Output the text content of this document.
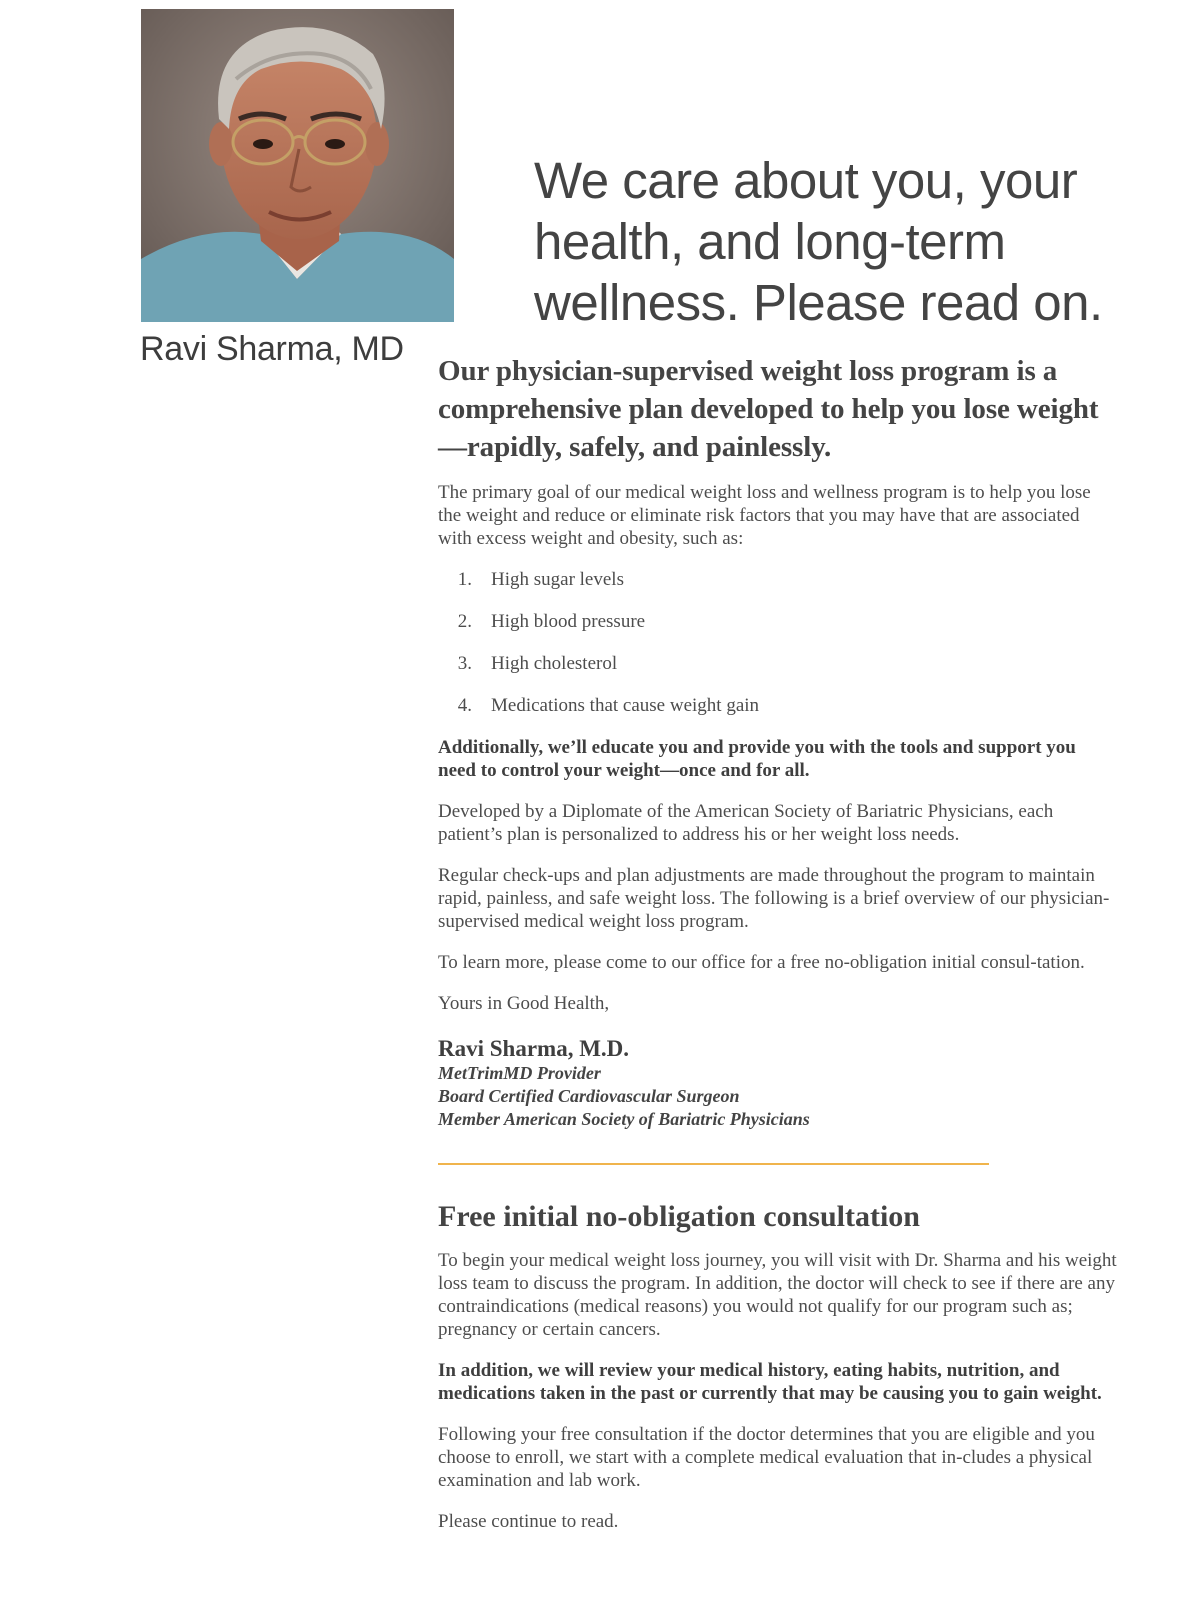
Ravi Sharma, MD
We care about you, your health, and long-term wellness. Please read on.
Our physician-supervised weight loss program is a comprehensive plan developed to help you lose weight—rapidly, safely, and painlessly.

The primary goal of our medical weight loss and wellness program is to help you lose the weight and reduce or eliminate risk factors that you may have that are associated with excess weight and obesity, such as:

1. High sugar levels
2. High blood pressure
3. High cholesterol
4. Medications that cause weight gain

Additionally, we’ll educate you and provide you with the tools and support you need to control your weight—once and for all.

Developed by a Diplomate of the American Society of Bariatric Physicians, each patient’s plan is personalized to address his or her weight loss needs.

Regular check-ups and plan adjustments are made throughout the program to maintain rapid, painless, and safe weight loss. The following is a brief overview of our physician-supervised medical weight loss program.

To learn more, please come to our office for a free no-obligation initial consul-tation.

Yours in Good Health,

Ravi Sharma, M.D.

MetTrimMD Provider

Board Certified Cardiovascular Surgeon

Member American Society of Bariatric Physicians

Free initial no-obligation consultation

To begin your medical weight loss journey, you will visit with Dr. Sharma and his weight loss team to discuss the program. In addition, the doctor will check to see if there are any contraindications (medical reasons) you would not qualify for our program such as; pregnancy or certain cancers.

In addition, we will review your medical history, eating habits, nutrition, and medications taken in the past or currently that may be causing you to gain weight.

Following your free consultation if the doctor determines that you are eligible and you choose to enroll, we start with a complete medical evaluation that in-cludes a physical examination and lab work.

Please continue to read.
